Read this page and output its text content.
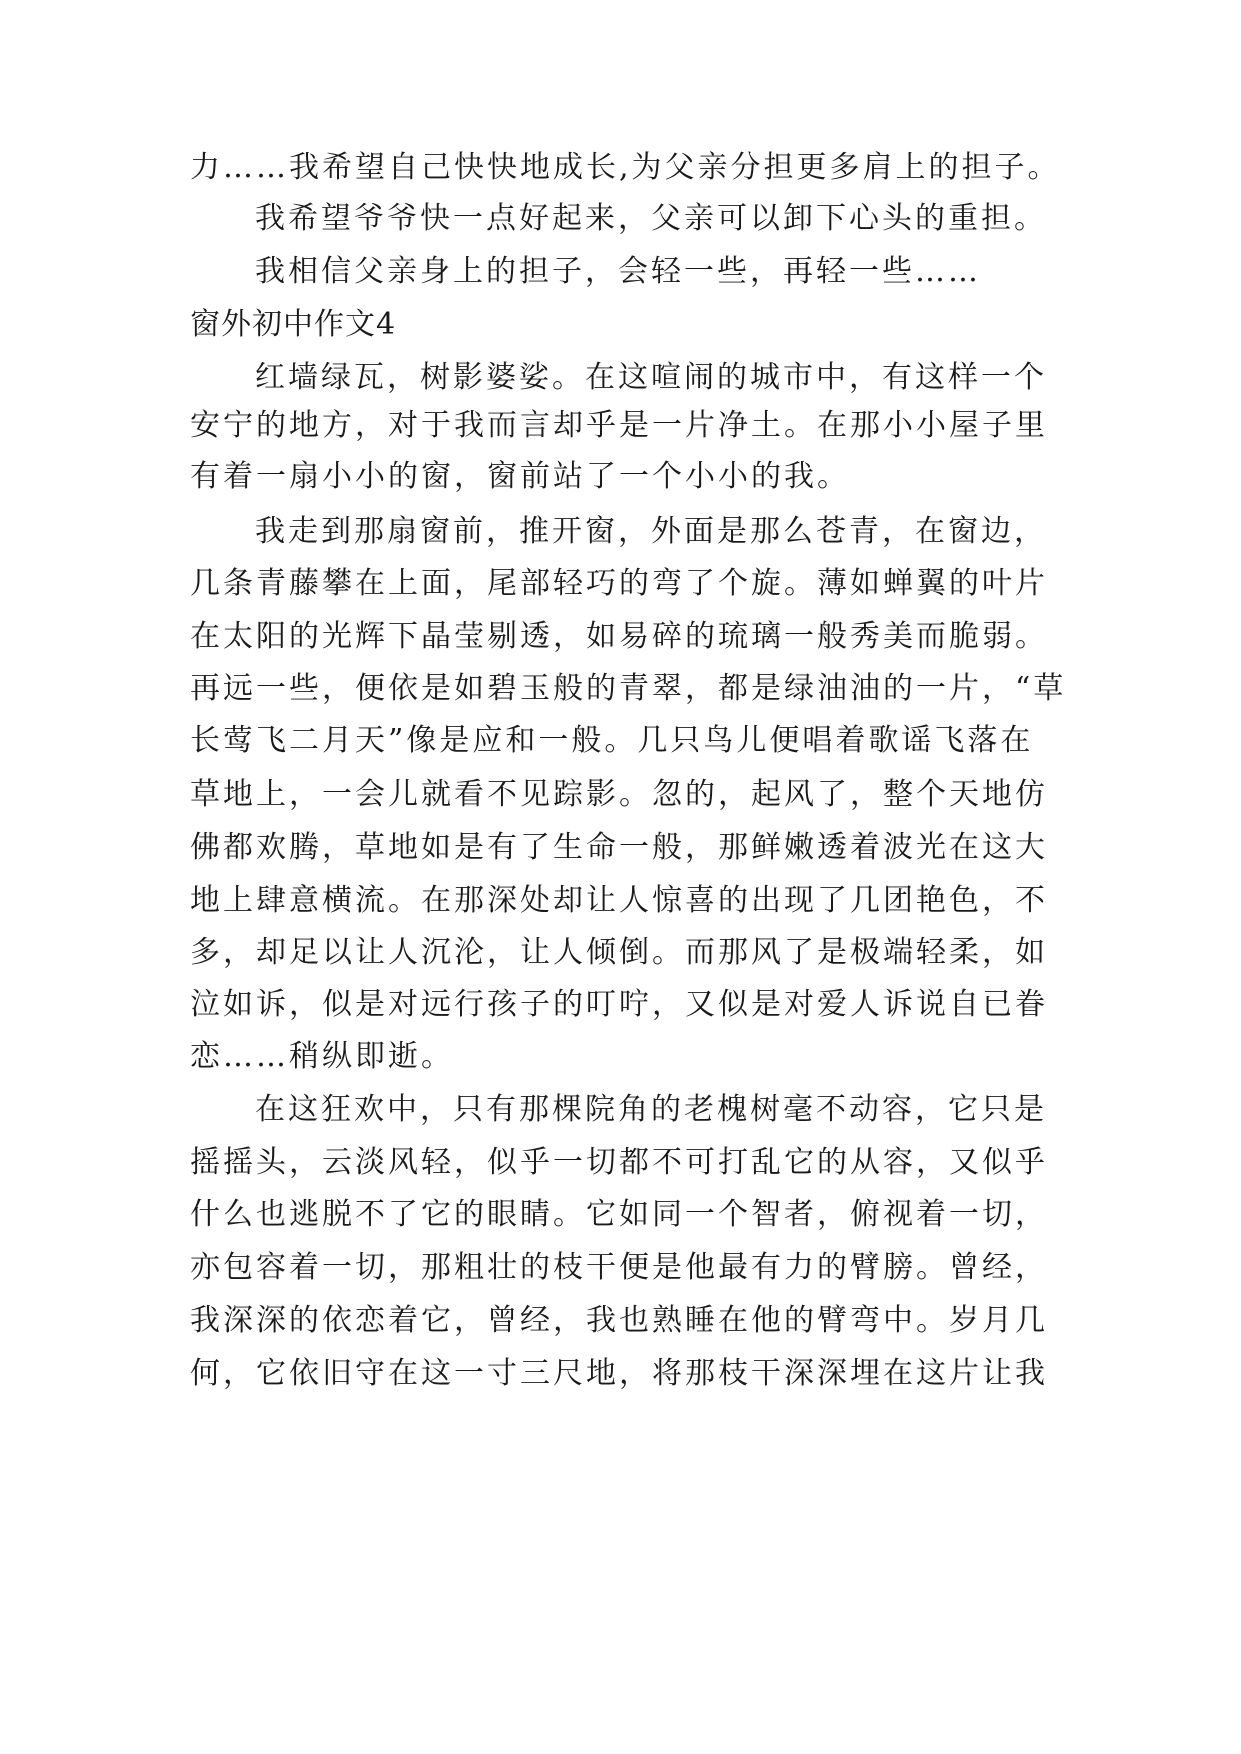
力……我希望自己快快地成长,为父亲分担更多肩上的担子。
我希望爷爷快一点好起来，父亲可以卸下心头的重担。
我相信父亲身上的担子，会轻一些，再轻一些……
窗外初中作文4
红墙绿瓦，树影婆娑。在这喧闹的城市中，有这样一个
安宁的地方，对于我而言却乎是一片净土。在那小小屋子里
有着一扇小小的窗，窗前站了一个小小的我。
我走到那扇窗前，推开窗，外面是那么苍青，在窗边，
几条青藤攀在上面，尾部轻巧的弯了个旋。薄如蝉翼的叶片
在太阳的光辉下晶莹剔透，如易碎的琉璃一般秀美而脆弱。
再远一些，便依是如碧玉般的青翠，都是绿油油的一片，“草
长莺飞二月天”像是应和一般。几只鸟儿便唱着歌谣飞落在
草地上，一会儿就看不见踪影。忽的，起风了，整个天地仿
佛都欢腾，草地如是有了生命一般，那鲜嫩透着波光在这大
地上肆意横流。在那深处却让人惊喜的出现了几团艳色，不
多，却足以让人沉沦，让人倾倒。而那风了是极端轻柔，如
泣如诉，似是对远行孩子的叮咛，又似是对爱人诉说自已眷
恋……稍纵即逝。
在这狂欢中，只有那棵院角的老槐树毫不动容，它只是
摇摇头，云淡风轻，似乎一切都不可打乱它的从容，又似乎
什么也逃脱不了它的眼睛。它如同一个智者，俯视着一切，
亦包容着一切，那粗壮的枝干便是他最有力的臂膀。曾经，
我深深的依恋着它，曾经，我也熟睡在他的臂弯中。岁月几
何，它依旧守在这一寸三尺地，将那枝干深深埋在这片让我
